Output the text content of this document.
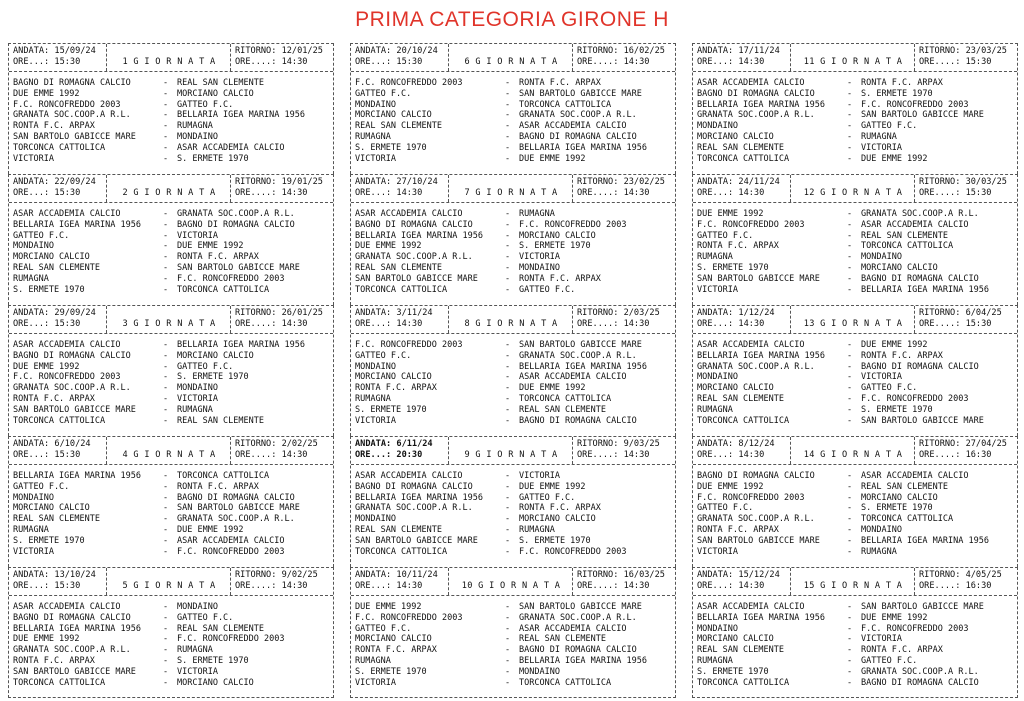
PRIMA CATEGORIA GIRONE H
ANDATA: 15/09/24
ORE...: 15:30	1 G I O R N A T A
RITORNO: 12/01/25
ORE....: 14:30
BAGNO DI ROMAGNA CALCIO	-	REAL SAN CLEMENTE
DUE EMME 1992	-	MORCIANO CALCIO
F.C. RONCOFREDDO 2003	-	GATTEO F.C.
GRANATA SOC.COOP.A R.L.	-	BELLARIA IGEA MARINA 1956
RONTA F.C. ARPAX	-	RUMAGNA
SAN BARTOLO GABICCE MARE	-	MONDAINO
TORCONCA CATTOLICA	-	ASAR ACCADEMIA CALCIO
VICTORIA	-	S. ERMETE 1970
ANDATA: 22/09/24
ORE...: 15:30	2 G I O R N A T A
RITORNO: 19/01/25
ORE....: 14:30
ASAR ACCADEMIA CALCIO	-	GRANATA SOC.COOP.A R.L.
BELLARIA IGEA MARINA 1956	-	BAGNO DI ROMAGNA CALCIO
GATTEO F.C.	-	VICTORIA
MONDAINO	-	DUE EMME 1992
MORCIANO CALCIO	-	RONTA F.C. ARPAX
REAL SAN CLEMENTE	-	SAN BARTOLO GABICCE MARE
RUMAGNA	-	F.C. RONCOFREDDO 2003
S. ERMETE 1970	-	TORCONCA CATTOLICA
ANDATA: 29/09/24
ORE...: 15:30	3 G I O R N A T A
RITORNO: 26/01/25
ORE....: 14:30
ASAR ACCADEMIA CALCIO	-	BELLARIA IGEA MARINA 1956
BAGNO DI ROMAGNA CALCIO	-	MORCIANO CALCIO
DUE EMME 1992	-	GATTEO F.C.
F.C. RONCOFREDDO 2003	-	S. ERMETE 1970
GRANATA SOC.COOP.A R.L.	-	MONDAINO
RONTA F.C. ARPAX	-	VICTORIA
SAN BARTOLO GABICCE MARE	-	RUMAGNA
TORCONCA CATTOLICA	-	REAL SAN CLEMENTE
ANDATA: 6/10/24
ORE...: 15:30	4 G I O R N A T A
RITORNO: 2/02/25
ORE....: 14:30
BELLARIA IGEA MARINA 1956	-	TORCONCA CATTOLICA
GATTEO F.C.	-	RONTA F.C. ARPAX
MONDAINO	-	BAGNO DI ROMAGNA CALCIO
MORCIANO CALCIO	-	SAN BARTOLO GABICCE MARE
REAL SAN CLEMENTE	-	GRANATA SOC.COOP.A R.L.
RUMAGNA	-	DUE EMME 1992
S. ERMETE 1970	-	ASAR ACCADEMIA CALCIO
VICTORIA	-	F.C. RONCOFREDDO 2003
ANDATA: 13/10/24
ORE...: 15:30	5 G I O R N A T A
RITORNO: 9/02/25
ORE....: 14:30
ASAR ACCADEMIA CALCIO	-	MONDAINO
BAGNO DI ROMAGNA CALCIO	-	GATTEO F.C.
BELLARIA IGEA MARINA 1956	-	REAL SAN CLEMENTE
DUE EMME 1992	-	F.C. RONCOFREDDO 2003
GRANATA SOC.COOP.A R.L.	-	RUMAGNA
RONTA F.C. ARPAX	-	S. ERMETE 1970
SAN BARTOLO GABICCE MARE	-	VICTORIA
TORCONCA CATTOLICA	-	MORCIANO CALCIO
ANDATA: 20/10/24
ORE...: 15:30	6 G I O R N A T A
RITORNO: 16/02/25
ORE....: 14:30
F.C. RONCOFREDDO 2003	-	RONTA F.C. ARPAX
GATTEO F.C.	-	SAN BARTOLO GABICCE MARE
MONDAINO	-	TORCONCA CATTOLICA
MORCIANO CALCIO	-	GRANATA SOC.COOP.A R.L.
REAL SAN CLEMENTE	-	ASAR ACCADEMIA CALCIO
RUMAGNA	-	BAGNO DI ROMAGNA CALCIO
S. ERMETE 1970	-	BELLARIA IGEA MARINA 1956
VICTORIA	-	DUE EMME 1992
ANDATA: 27/10/24
ORE...: 14:30	7 G I O R N A T A
RITORNO: 23/02/25
ORE....: 14:30
ASAR ACCADEMIA CALCIO	-	RUMAGNA
BAGNO DI ROMAGNA CALCIO	-	F.C. RONCOFREDDO 2003
BELLARIA IGEA MARINA 1956	-	MORCIANO CALCIO
DUE EMME 1992	-	S. ERMETE 1970
GRANATA SOC.COOP.A R.L.	-	VICTORIA
REAL SAN CLEMENTE	-	MONDAINO
SAN BARTOLO GABICCE MARE	-	RONTA F.C. ARPAX
TORCONCA CATTOLICA	-	GATTEO F.C.
ANDATA: 3/11/24
ORE...: 14:30	8 G I O R N A T A
RITORNO: 2/03/25
ORE....: 14:30
F.C. RONCOFREDDO 2003	-	SAN BARTOLO GABICCE MARE
GATTEO F.C.	-	GRANATA SOC.COOP.A R.L.
MONDAINO	-	BELLARIA IGEA MARINA 1956
MORCIANO CALCIO	-	ASAR ACCADEMIA CALCIO
RONTA F.C. ARPAX	-	DUE EMME 1992
RUMAGNA	-	TORCONCA CATTOLICA
S. ERMETE 1970	-	REAL SAN CLEMENTE
VICTORIA	-	BAGNO DI ROMAGNA CALCIO
ANDATA: 6/11/24
ORE...: 20:30	9 G I O R N A T A
RITORNO: 9/03/25
ORE....: 14:30
ASAR ACCADEMIA CALCIO	-	VICTORIA
BAGNO DI ROMAGNA CALCIO	-	DUE EMME 1992
BELLARIA IGEA MARINA 1956	-	GATTEO F.C.
GRANATA SOC.COOP.A R.L.	-	RONTA F.C. ARPAX
MONDAINO	-	MORCIANO CALCIO
REAL SAN CLEMENTE	-	RUMAGNA
SAN BARTOLO GABICCE MARE	-	S. ERMETE 1970
TORCONCA CATTOLICA	-	F.C. RONCOFREDDO 2003
ANDATA: 10/11/24
ORE...: 14:30	10 G I O R N A T A
RITORNO: 16/03/25
ORE....: 14:30
DUE EMME 1992	-	SAN BARTOLO GABICCE MARE
F.C. RONCOFREDDO 2003	-	GRANATA SOC.COOP.A R.L.
GATTEO F.C.	-	ASAR ACCADEMIA CALCIO
MORCIANO CALCIO	-	REAL SAN CLEMENTE
RONTA F.C. ARPAX	-	BAGNO DI ROMAGNA CALCIO
RUMAGNA	-	BELLARIA IGEA MARINA 1956
S. ERMETE 1970	-	MONDAINO
VICTORIA	-	TORCONCA CATTOLICA
ANDATA: 17/11/24
ORE...: 14:30	11 G I O R N A T A
RITORNO: 23/03/25
ORE....: 15:30
ASAR ACCADEMIA CALCIO	-	RONTA F.C. ARPAX
BAGNO DI ROMAGNA CALCIO	-	S. ERMETE 1970
BELLARIA IGEA MARINA 1956	-	F.C. RONCOFREDDO 2003
GRANATA SOC.COOP.A R.L.	-	SAN BARTOLO GABICCE MARE
MONDAINO	-	GATTEO F.C.
MORCIANO CALCIO	-	RUMAGNA
REAL SAN CLEMENTE	-	VICTORIA
TORCONCA CATTOLICA	-	DUE EMME 1992
ANDATA: 24/11/24
ORE...: 14:30	12 G I O R N A T A
RITORNO: 30/03/25
ORE....: 15:30
DUE EMME 1992	-	GRANATA SOC.COOP.A R.L.
F.C. RONCOFREDDO 2003	-	ASAR ACCADEMIA CALCIO
GATTEO F.C.	-	REAL SAN CLEMENTE
RONTA F.C. ARPAX	-	TORCONCA CATTOLICA
RUMAGNA	-	MONDAINO
S. ERMETE 1970	-	MORCIANO CALCIO
SAN BARTOLO GABICCE MARE	-	BAGNO DI ROMAGNA CALCIO
VICTORIA	-	BELLARIA IGEA MARINA 1956
ANDATA: 1/12/24
ORE...: 14:30	13 G I O R N A T A
RITORNO: 6/04/25
ORE....: 15:30
ASAR ACCADEMIA CALCIO	-	DUE EMME 1992
BELLARIA IGEA MARINA 1956	-	RONTA F.C. ARPAX
GRANATA SOC.COOP.A R.L.	-	BAGNO DI ROMAGNA CALCIO
MONDAINO	-	VICTORIA
MORCIANO CALCIO	-	GATTEO F.C.
REAL SAN CLEMENTE	-	F.C. RONCOFREDDO 2003
RUMAGNA	-	S. ERMETE 1970
TORCONCA CATTOLICA	-	SAN BARTOLO GABICCE MARE
ANDATA: 8/12/24
ORE...: 14:30	14 G I O R N A T A
RITORNO: 27/04/25
ORE....: 16:30
BAGNO DI ROMAGNA CALCIO	-	ASAR ACCADEMIA CALCIO
DUE EMME 1992	-	REAL SAN CLEMENTE
F.C. RONCOFREDDO 2003	-	MORCIANO CALCIO
GATTEO F.C.	-	S. ERMETE 1970
GRANATA SOC.COOP.A R.L.	-	TORCONCA CATTOLICA
RONTA F.C. ARPAX	-	MONDAINO
SAN BARTOLO GABICCE MARE	-	BELLARIA IGEA MARINA 1956
VICTORIA	-	RUMAGNA
ANDATA: 15/12/24
ORE...: 14:30	15 G I O R N A T A
RITORNO: 4/05/25
ORE....: 16:30
ASAR ACCADEMIA CALCIO	-	SAN BARTOLO GABICCE MARE
BELLARIA IGEA MARINA 1956	-	DUE EMME 1992
MONDAINO	-	F.C. RONCOFREDDO 2003
MORCIANO CALCIO	-	VICTORIA
REAL SAN CLEMENTE	-	RONTA F.C. ARPAX
RUMAGNA	-	GATTEO F.C.
S. ERMETE 1970	-	GRANATA SOC.COOP.A R.L.
TORCONCA CATTOLICA	-	BAGNO DI ROMAGNA CALCIO
